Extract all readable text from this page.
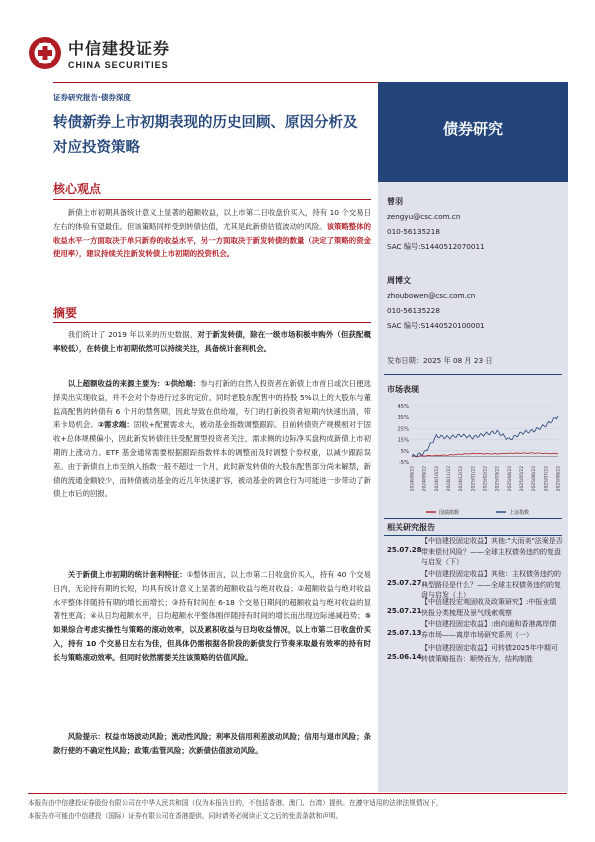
中信建投证券
CHINA SECURITIES
债券研究
证券研究报告·债券深度
转债新券上市初期表现的历史回顾、原因分析及对应投资策略
核心观点
新债上市初期具备统计意义上显著的超额收益，以上市第二日收盘价买入，持有 10 个交易日左右的体验有望最佳。但该策略同样受到转债估值，尤其是此新债估值波动的风险。该策略整体的收益水平一方面取决于单只新券的收益水平，另一方面取决于新发转债的数量（决定了策略的资金使用率），建议持续关注新发转债上市初期的投资机会。
摘要
我们统计了 2019 年以来的历史数据，对于新发转债，除在一级市场积极申购外（但获配概率较低），在转债上市初期依然可以持续关注，具备统计套利机会。
以上超额收益的来源主要为：①供给端：参与打新的自然人投资者在新债上市首日或次日便选择卖出实现收益，并不会对个券进行过多的定价。同时老股东配售中的持股 5%以上的大股东与董监高配售的转债有 6 个月的禁售期，因此导致在供给端，专门的打新投资者短期内快速出清，带来卡局机会。②需求端：固收+配置需求大，被动基金指数调整跟踪。目前转债资产规模相对于固收+总体规模偏小，因此新发转债往往受配置型投资者关注，需求侧的边际净买盘构成新债上市初期的上涨动力。ETF 基金通常需要根据跟踪指数样本的调整而及时调整个券权重，以减少跟踪误差。由于新债自上市至纳入指数一般不超过一个月，此时新发转债的大股东配售部分尚未解禁，新债的流通金额较少，而转债被动基金的近几年快速扩容，被动基金的调仓行为可能进一步带动了新债上市后的回报。
关于新债上市初期的统计套利特征：①整体而言，以上市第二日收盘价买入，持有 40 个交易日内，无论持有期的长短，均具有统计意义上显著的超额收益与绝对收益；②超额收益与绝对收益水平整体伴随持有期的增长而增长；③持有时间在 6-18 个交易日期间的超额收益与绝对收益的显著性更高；④从日均超额水平，日均超额水平整体刚伴随持有时间的增长而出现边际递减趋势；⑤如果综合考虑实操性与策略的滚动效率，以及累积收益与日均收益情况，以上市第二日收盘价买入，持有 10 个交易日左右为佳，但具体仍需根据各阶段的新债发行节奏来取最有效率的持有时长与策略滚动效率。但同时依然需要关注该策略的估值风险。
风险提示：权益市场波动风险；流动性风险；利率及信用利差波动风险；信用与退市风险；条款行使的不确定性风险；政策/监管风险；次新债估值波动风险。
曾羽
zengyu@csc.com.cn
010-56135218
SAC 编号:S1440512070011
周博文
zhoubowen@csc.com.cn
010-56135228
SAC 编号:S1440520100001
发布日期：2025 年 08 月 23 日
市场表现
45%
35%
25%
15%
5%
-5%
2024/08/22 2024/09/22 2024/10/22 2024/11/22 2024/12/22 2025/01/22 2025/02/22 2025/03/22 2025/04/22 2025/05/22 2025/06/22 2025/07/22 2025/08/22
国债指数	上证指数
相关研究报告
25.07.28
【中信建投固定收益】其他:"大而美"法案是否带来偿付风险？——全球主权债务违约的复盘与启发（下）
25.07.27
【中信建投固定收益】其他：主权债务违约的典型路径是什么？——全球主权债务违约的复盘与启发（上）
25.07.21
【中信建投宏观固收及政策研究】:中报业绩快报分类梳理及景气线索观察
25.07.13
【中信建投固定收益】:南向通和香港离岸债券市场——离岸市场研究系列（一）
25.06.14
【中信建投固定收益】可转债2025年中期可转债策略报告：顺势而为，结构制胜
本报告由中信建投证券股份有限公司在中华人民共和国（仅为本报告目的，不包括香港、澳门、台湾）提供。在遵守适用的法律法规情况下，
本报告亦可能由中信建投（国际）证券有限公司在香港提供。同时请务必阅读正文之后的免责条款和声明。
